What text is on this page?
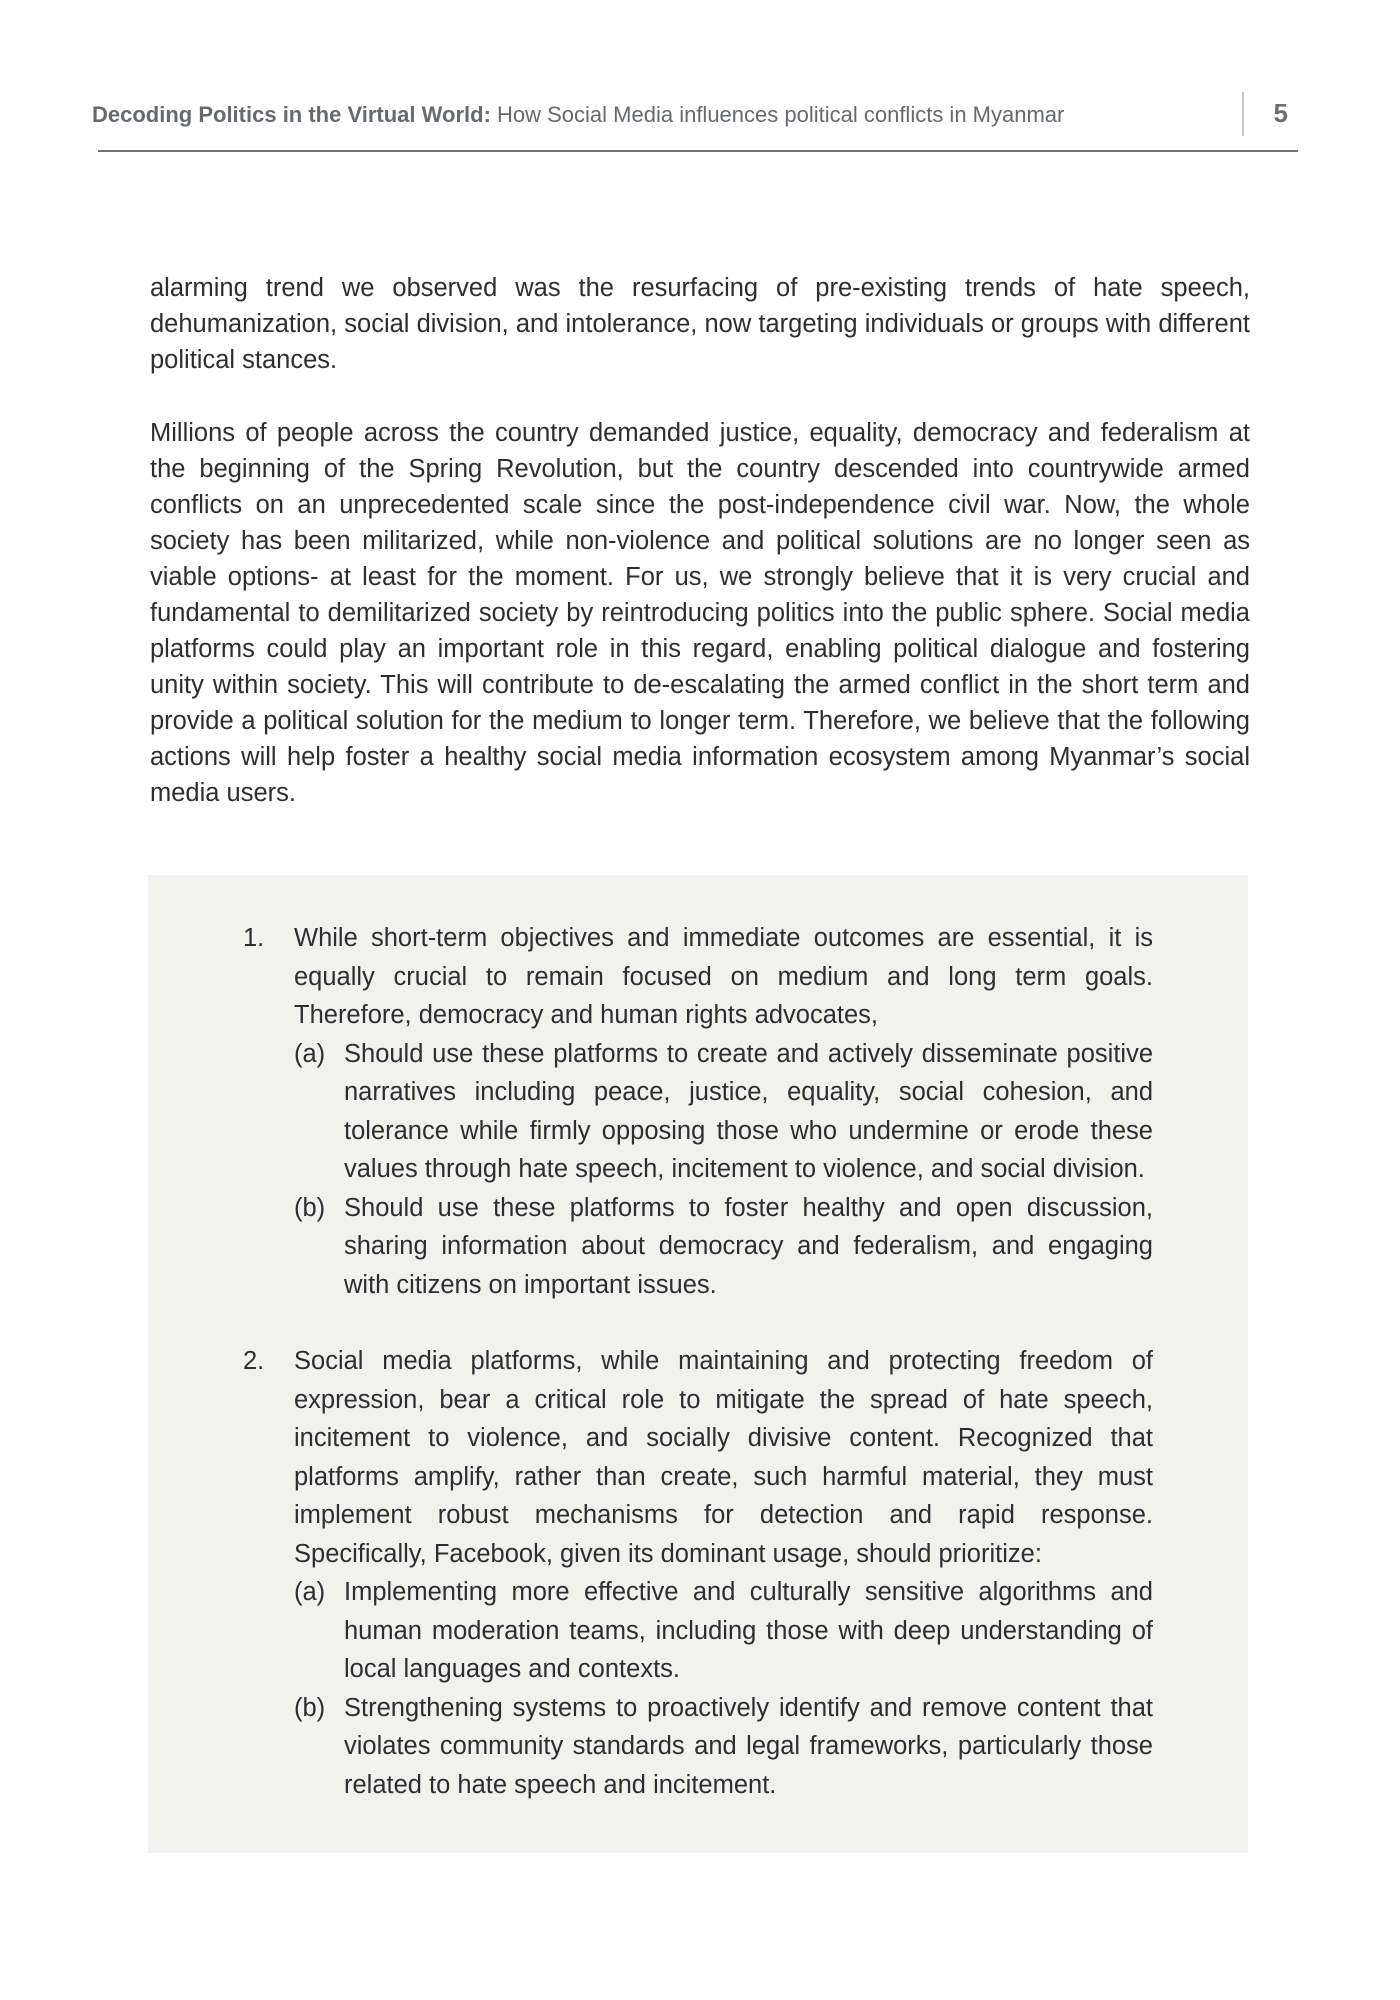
Decoding Politics in the Virtual World: How Social Media influences political conflicts in Myanmar	5

alarming trend we observed was the resurfacing of pre-existing trends of hate speech, dehumanization, social division, and intolerance, now targeting individuals or groups with different political stances.

Millions of people across the country demanded justice, equality, democracy and federalism at the beginning of the Spring Revolution, but the country descended into countrywide armed conflicts on an unprecedented scale since the post-independence civil war. Now, the whole society has been militarized, while non-violence and political solutions are no longer seen as viable options- at least for the moment. For us, we strongly believe that it is very crucial and fundamental to demilitarized society by reintroducing politics into the public sphere. Social media platforms could play an important role in this regard, enabling political dialogue and fostering unity within society. This will contribute to de-escalating the armed conflict in the short term and provide a political solution for the medium to longer term. Therefore, we believe that the following actions will help foster a healthy social media information ecosystem among Myanmar’s social media users.

1. While short-term objectives and immediate outcomes are essential, it is equally crucial to remain focused on medium and long term goals. Therefore, democracy and human rights advocates,
(a) Should use these platforms to create and actively disseminate positive narratives including peace, justice, equality, social cohesion, and tolerance while firmly opposing those who undermine or erode these values through hate speech, incitement to violence, and social division.
(b) Should use these platforms to foster healthy and open discussion, sharing information about democracy and federalism, and engaging with citizens on important issues.
2. Social media platforms, while maintaining and protecting freedom of expression, bear a critical role to mitigate the spread of hate speech, incitement to violence, and socially divisive content. Recognized that platforms amplify, rather than create, such harmful material, they must implement robust mechanisms for detection and rapid response. Specifically, Facebook, given its dominant usage, should prioritize:
(a) Implementing more effective and culturally sensitive algorithms and human moderation teams, including those with deep understanding of local languages and contexts.
(b) Strengthening systems to proactively identify and remove content that violates community standards and legal frameworks, particularly those related to hate speech and incitement.
